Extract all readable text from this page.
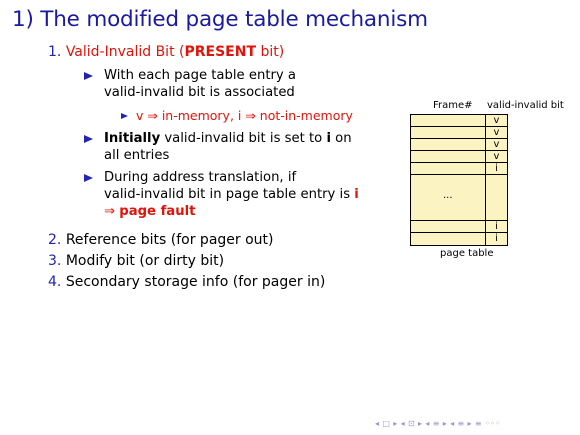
1) The modified page table mechanism
1. Valid-Invalid Bit (PRESENT bit)
With each page table entry a
valid-invalid bit is associated
v ⇒ in-memory, i ⇒ not-in-memory
Initially valid-invalid bit is set to i on
all entries
During address translation, if
valid-invalid bit in page table entry is i
⇒ page fault
2. Reference bits (for pager out)
3. Modify bit (or dirty bit)
4. Secondary storage info (for pager in)
Frame# valid-invalid bit
v
v
v
v
i
i
i
...
page table
◂ □ ▸ ◂ ⊡ ▸ ◂ ≡ ▸ ◂ ≡ ▸ ≡ ◦◦◦
